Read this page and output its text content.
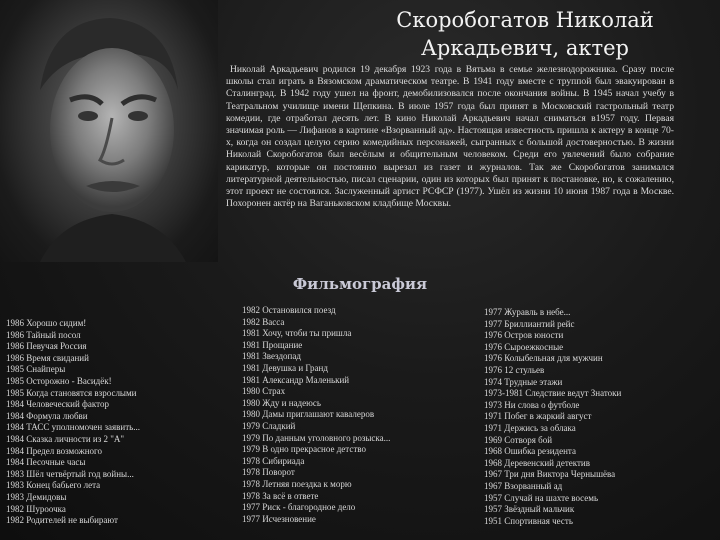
Скоробогатов Николай
Аркадьевич, актер
Николай Аркадьевич родился 19 декабря 1923 года в Вятьма в семье железнодорожника. Сразу после школы стал играть в Вязомском драматическом театре. В 1941 году вместе с труппой был эвакуирован в Сталинград. В 1942 году ушел на фронт, демобилизовался после окончания войны. В 1945 начал учебу в Театральном училище имени Щепкина. В июле 1957 года был принят в Московский гастрольный театр комедии, где отработал десять лет. В кино Николай Аркадьевич начал сниматься в1957 году. Первая значимая роль — Лифанов в картине «Взорванный ад». Настоящая известность пришла к актеру в конце 70-х, когда он создал целую серию комедийных персонажей, сыгранных с большой достоверностью. В жизни Николай Скоробогатов был весёлым и общительным человеком. Среди его увлечений было собрание карикатур, которые он постоянно вырезал из газет и журналов. Так же Скоробогатов занимался литературной деятельностью, писал сценарии, один из которых был принят к постановке, но, к сожалению, этот проект не состоялся. Заслуженный артист РСФСР (1977). Ушёл из жизни 10 июня 1987 года в Москве. Похоронен актёр на Ваганьковском кладбище Москвы.
Фильмография
1986 Хорошо сидим!
1986 Тайный посол
1986 Певучая Россия
1986 Время свиданий
1985 Снайперы
1985 Осторожно - Васидёк!
1985 Когда становятся взрослыми
1984 Человеческий фактор
1984 Формула любви
1984 ТАСС уполномочен заявить...
1984 Сказка личности из 2 "А"
1984 Предел возможного
1984 Песочные часы
1983 Шёл четвёртый год войны...
1983 Конец бабьего лета
1983 Демидовы
1982 Шуроочка
1982 Родителей не выбирают
1982 Остановился поезд
1982 Васса
1981 Хочу, чтоби ты пришла
1981 Прощание
1981 Звездопад
1981 Девушка и Гранд
1981 Александр Маленький
1980 Страх
1980 Жду и надеюсь
1980 Дамы приглашают кавалеров
1979 Сладкий
1979 По данным уголовного розыска...
1979 В одно прекрасное детство
1978 Сибириада
1978 Поворот
1978 Летняя поездка к морю
1978 За всё в ответе
1977 Риск - благородное дело
1977 Исчезновение
1977 Журавль в небе...
1977 Бриллиантий рейс
1976 Остров юности
1976 Сыроежкосные
1976 Колыбельная для мужчин
1976 12 стульев
1974 Трудные этажи
1973-1981 Следствие ведут Знатоки
1973 Ни слова о футболе
1971 Побег в жаркий август
1971 Держись за облака
1969 Сотворя бой
1968 Ошибка резидента
1968 Деревенский детектив
1967 Три дня Виктора Чернышёва
1967 Взорванный ад
1957 Случай на шахте восемь
1957 Звёздный мальчик
1951 Спортивная честь
